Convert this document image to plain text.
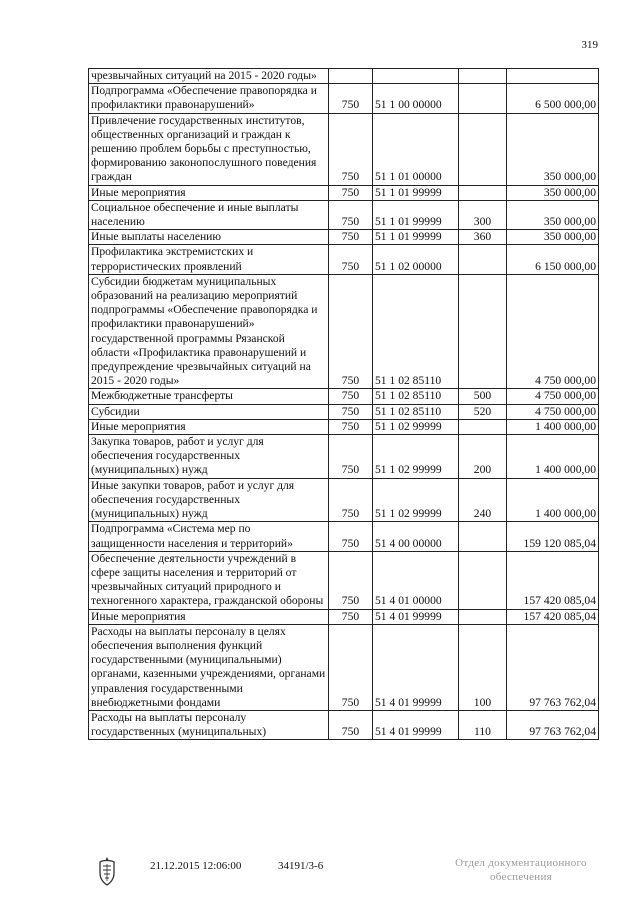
319
чрезвычайных ситуаций на 2015 - 2020 годы»				
Подпрограмма «Обеспечение правопорядка и профилактики правонарушений»	750	51 1 00 00000		6 500 000,00
Привлечение государственных институтов, общественных организаций и граждан к решению проблем борьбы с преступностью, формированию законопослушного поведения граждан	750	51 1 01 00000		350 000,00
Иные мероприятия	750	51 1 01 99999		350 000,00
Социальное обеспечение и иные выплаты населению	750	51 1 01 99999	300	350 000,00
Иные выплаты населению	750	51 1 01 99999	360	350 000,00
Профилактика экстремистских и террористических проявлений	750	51 1 02 00000		6 150 000,00
Субсидии бюджетам муниципальных образований на реализацию мероприятий подпрограммы «Обеспечение правопорядка и профилактики правонарушений» государственной программы Рязанской области «Профилактика правонарушений и предупреждение чрезвычайных ситуаций на 2015 - 2020 годы»	750	51 1 02 85110		4 750 000,00
Межбюджетные трансферты	750	51 1 02 85110	500	4 750 000,00
Субсидии	750	51 1 02 85110	520	4 750 000,00
Иные мероприятия	750	51 1 02 99999		1 400 000,00
Закупка товаров, работ и услуг для обеспечения государственных (муниципальных) нужд	750	51 1 02 99999	200	1 400 000,00
Иные закупки товаров, работ и услуг для обеспечения государственных (муниципальных) нужд	750	51 1 02 99999	240	1 400 000,00
Подпрограмма «Система мер по защищенности населения и территорий»	750	51 4 00 00000		159 120 085,04
Обеспечение деятельности учреждений в сфере защиты населения и территорий от чрезвычайных ситуаций природного и техногенного характера, гражданской обороны	750	51 4 01 00000		157 420 085,04
Иные мероприятия	750	51 4 01 99999		157 420 085,04
Расходы на выплаты персоналу в целях обеспечения выполнения функций государственными (муниципальными) органами, казенными учреждениями, органами управления государственными внебюджетными фондами	750	51 4 01 99999	100	97 763 762,04
Расходы на выплаты персоналу государственных (муниципальных)	750	51 4 01 99999	110	97 763 762,04
21.12.2015 12:06:00	34191/3-6	Отдел документационного
обеспечения
